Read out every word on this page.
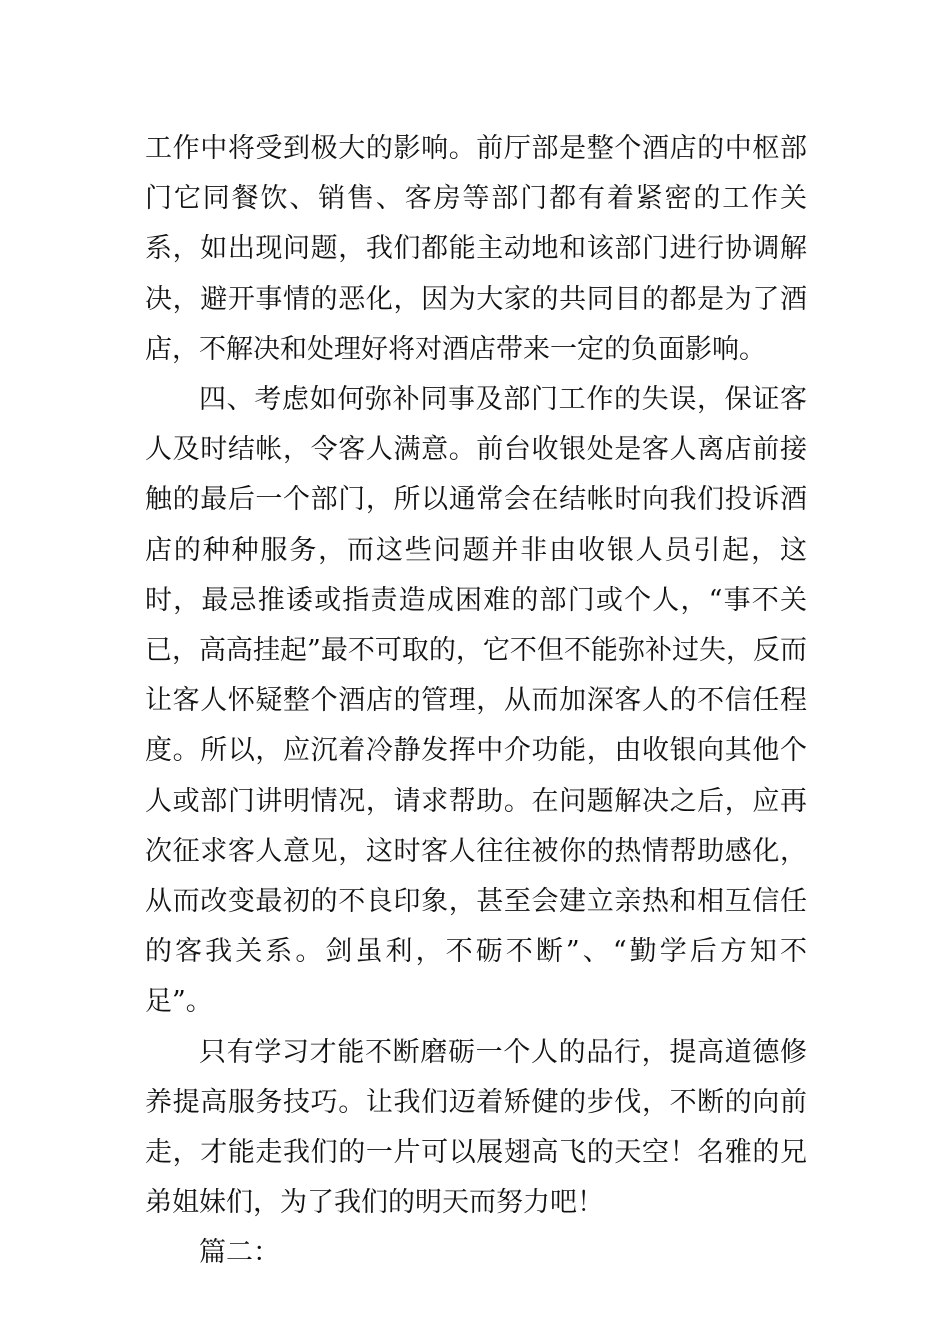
工作中将受到极大的影响。前厅部是整个酒店的中枢部门它同餐饮、销售、客房等部门都有着紧密的工作关系，如出现问题，我们都能主动地和该部门进行协调解决，避开事情的恶化，因为大家的共同目的都是为了酒店，不解决和处理好将对酒店带来一定的负面影响。

四、考虑如何弥补同事及部门工作的失误，保证客人及时结帐，令客人满意。前台收银处是客人离店前接触的最后一个部门，所以通常会在结帐时向我们投诉酒店的种种服务，而这些问题并非由收银人员引起，这时，最忌推诿或指责造成困难的部门或个人，“事不关已，高高挂起”最不可取的，它不但不能弥补过失，反而让客人怀疑整个酒店的管理，从而加深客人的不信任程度。所以，应沉着冷静发挥中介功能，由收银向其他个人或部门讲明情况，请求帮助。在问题解决之后，应再次征求客人意见，这时客人往往被你的热情帮助感化，从而改变最初的不良印象，甚至会建立亲热和相互信任的客我关系。剑虽利，不砺不断”、“勤学后方知不足”。

只有学习才能不断磨砺一个人的品行，提高道德修养提高服务技巧。让我们迈着矫健的步伐，不断的向前走，才能走我们的一片可以展翅高飞的天空！名雅的兄弟姐妹们，为了我们的明天而努力吧！

篇二：
